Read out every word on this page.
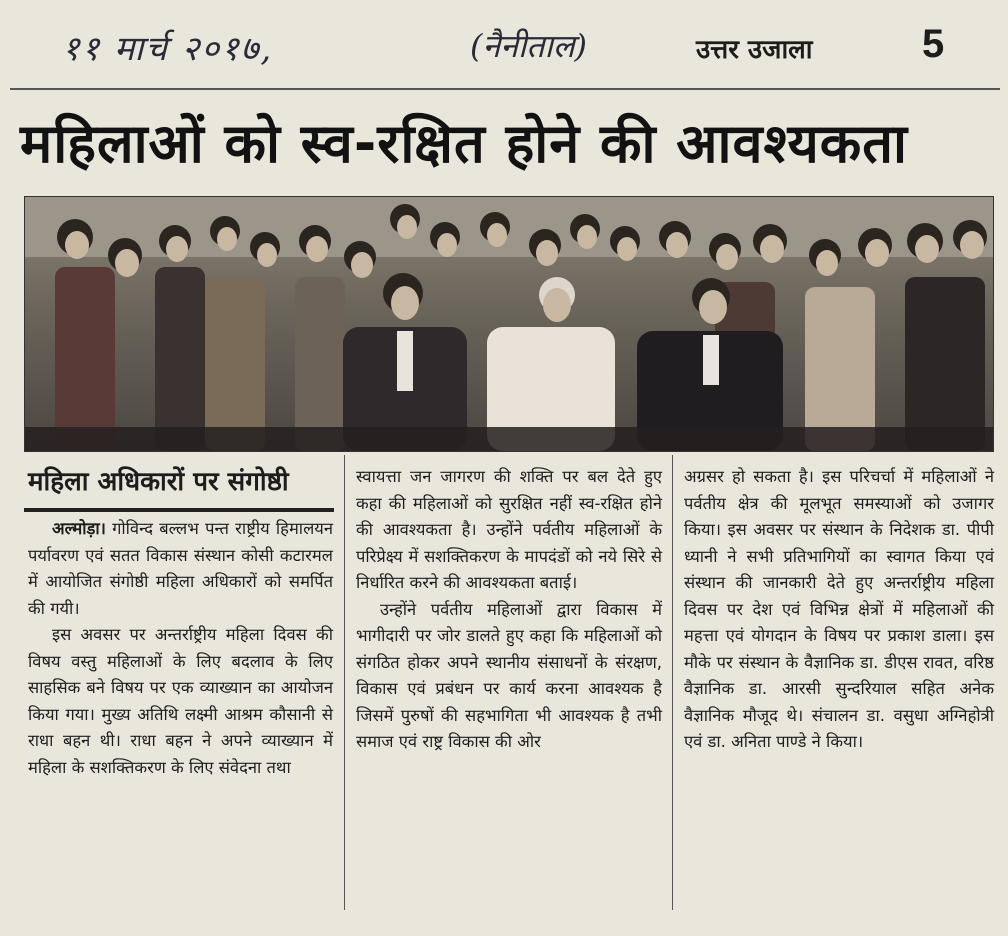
११ मार्च २०१७,	(नैनीताल)	उत्तर उजाला	5
महिलाओं को स्व-रक्षित होने की आवश्यकता
महिला अधिकारों पर संगोष्ठी

अल्मोड़ा। गोविन्द बल्लभ पन्त राष्ट्रीय हिमालयन पर्यावरण एवं सतत विकास संस्थान कोसी कटारमल में आयोजित संगोष्ठी महिला अधिकारों को समर्पित की गयी।

इस अवसर पर अन्तर्राष्ट्रीय महिला दिवस की विषय वस्तु महिलाओं के लिए बदलाव के लिए साहसिक बने विषय पर एक व्याख्यान का आयोजन किया गया। मुख्य अतिथि लक्ष्मी आश्रम कौसानी से राधा बहन थी। राधा बहन ने अपने व्याख्यान में महिला के सशक्तिकरण के लिए संवेदना तथा

स्वायत्ता जन जागरण की शक्ति पर बल देते हुए कहा की महिलाओं को सुरक्षित नहीं स्व-रक्षित होने की आवश्यकता है। उन्होंने पर्वतीय महिलाओं के परिप्रेक्ष्य में सशक्तिकरण के मापदंडों को नये सिरे से निर्धारित करने की आवश्यकता बताई।

उन्होंने पर्वतीय महिलाओं द्वारा विकास में भागीदारी पर जोर डालते हुए कहा कि महिलाओं को संगठित होकर अपने स्थानीय संसाधनों के संरक्षण, विकास एवं प्रबंधन पर कार्य करना आवश्यक है जिसमें पुरुषों की सहभागिता भी आवश्यक है तभी समाज एवं राष्ट्र विकास की ओर

अग्रसर हो सकता है। इस परिचर्चा में महिलाओं ने पर्वतीय क्षेत्र की मूलभूत समस्याओं को उजागर किया। इस अवसर पर संस्थान के निदेशक डा. पीपी ध्यानी ने सभी प्रतिभागियों का स्वागत किया एवं संस्थान की जानकारी देते हुए अन्तर्राष्ट्रीय महिला दिवस पर देश एवं विभिन्न क्षेत्रों में महिलाओं की महत्ता एवं योगदान के विषय पर प्रकाश डाला। इस मौके पर संस्थान के वैज्ञानिक डा. डीएस रावत, वरिष्ठ वैज्ञानिक डा. आरसी सुन्दरियाल सहित अनेक वैज्ञानिक मौजूद थे। संचालन डा. वसुधा अग्निहोत्री एवं डा. अनिता पाण्डे ने किया।
